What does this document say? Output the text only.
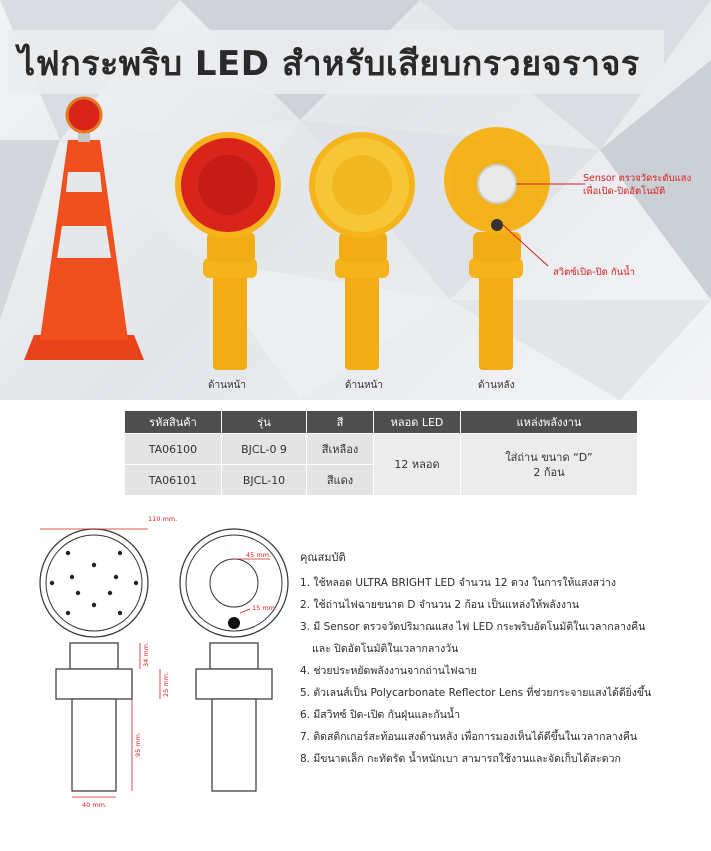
ไฟกระพริบ LED สำหรับเสียบกรวยจราจร
ด้านหน้า	ด้านหน้า	ด้านหลัง
Sensor ตรวจวัดระดับแสง
เพื่อเปิด-ปิดอัตโนมัติ
สวิตซ์เปิด-ปิด กันน้ำ
รหัสสินค้า	รุ่น	สี	หลอด LED	แหล่งพลังงาน
TA06100	BJCL-0 9	สีเหลือง	12 หลอด	ใส่ถ่าน ขนาด “D”
2 ก้อน

TA06101	BJCL-10	สีแดง		
110 mm.
34 mm.
25 mm.
95 mm.
40 mm.
45 mm.
15 mm.
คุณสมบัติ
1. ใช้หลอด ULTRA BRIGHT LED จำนวน 12 ดวง ในการให้แสงสว่าง
2. ใช้ถ่านไฟฉายขนาด D จำนวน 2 ก้อน เป็นแหล่งให้พลังงาน
3. มี Sensor ตรวจวัดปริมาณแสง ไฟ LED กระพริบอัตโนมัติในเวลากลางคืน
และ ปิดอัตโนมัติในเวลากลางวัน
4. ช่วยประหยัดพลังงานจากถ่านไฟฉาย
5. ตัวเลนส์เป็น Polycarbonate Reflector Lens ที่ช่วยกระจายแสงได้ดียิ่งขึ้น
6. มีสวิทซ์ ปิด-เปิด กันฝุ่นและกันน้ำ
7. ติดสติกเกอร์สะท้อนแสงด้านหลัง เพื่อการมองเห็นได้ดีขึ้นในเวลากลางคืน
8. มีขนาดเล็ก กะทัดรัด น้ำหนักเบา สามารถใช้งานและจัดเก็บได้สะดวก
